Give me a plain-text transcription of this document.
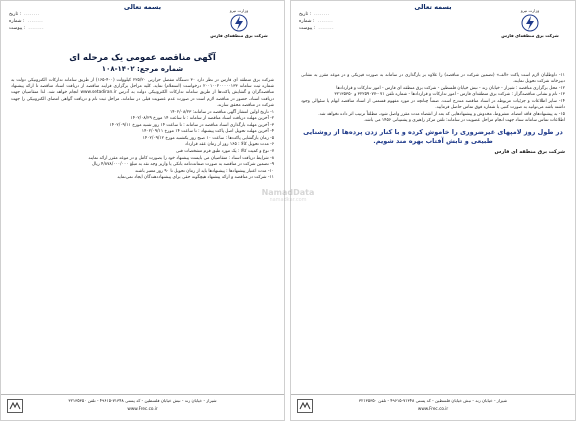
بسمه تعالی
تاریخ : ........
شماره : ........
پیوست : ........
وزارت نیرو
شرکت برق منطقه‌ای فارس
آگهی مناقصه عمومی یک مرحله ای
شماره مرجع: ۱۴۰۲-۱۰۸
شرکت برق منطقه ای فارس در نظر دارد ۳۰ دستگاه مفصل حرارتی ۲۲۵/۲۰ کیلوولت (۴۰۰-۱۶۵) از طریق سامانه تدارکات الکترونیکی دولت به شماره ثبت سامانه ۲۰۰۱۰۰۲۰۰۰۰۰۱۳۳ درخواست (استعلام) نماید. کلیه مراحل برگزاری فرایند مناقصه از دریافت اسناد مناقصه تا ارائه پیشنهاد مناقصه‌گران و گشایش پاکت‌ها از طریق سامانه تدارکات الکترونیکی دولت به آدرس www.setadiran.ir انجام خواهد شد. لذا متقاضیان جهت دریافت اسناد، حضور در مناقصه لازم است در صورت عدم عضویت قبلی در سامانه، مراحل ثبت نام و دریافت گواهی امضای الکترونیکی را جهت شرکت در مناقصه محقق سازند.
۱- تاریخ اولین انتشار آگهی مناقصه در سامانه: ۱۴۰۲/۰۸/۲۳
۲- آخرین مهلت دریافت اسناد مناقصه از سامانه : تا ساعت ۱۴ مورخ ۱۴۰۲/۰۸/۲۹
۳- آخرین مهلت بارگذاری اسناد مناقصه در سامانه : تا ساعت ۱۴ روز شنبه مورخ ۱۴۰۲/۰۹/۱۱
۴- آخرین مهلت تحویل اصل پاکت پیشنهاد : تا ساعت ۱۴ مورخ ۱۴۰۲/۰۹/۱۱
۵- زمان بازگشایی پاکت‌ها : ساعت ۱۰ صبح روز یکشنبه مورخ ۱۴۰۲/۰۹/۱۲
۶- مدت تحویل کالا : ۱۶۵ روز از زمان عقد قرارداد
۷- نوع و کمیت کالا : یک مورد طبق فرم مشخصات فنی
۸- شرایط دریافت اسناد : متقاضیان می بایست پیشنهاد خود را بصورت کامل و در موعد مقرر ارائه نمایند
۹- تضمین شرکت در مناقصه به صورت ضمانت‌نامه بانکی یا واریز وجه نقد به مبلغ ۴/۸۷۸/۰۰۰/۰۰۰ ریال
۱۰- مدت اعتبار پیشنهادها : پیشنهادها باید از زمان تحویل تا ۹۰ روز معتبر باشند
۱۱- شرکت در مناقصه و ارائه پیشنهاد هیچگونه حقی برای پیشنهاددهندگان ایجاد نمی‌نماید
شیراز - خیابان زند - نبش خیابان فلسطین - کد پستی ۷۱۳۴۸-۴۹۶۱۵ - تلفن ۳۲۱۳۵۳۵۰
www.Frec.co.ir
بسمه تعالی
تاریخ : ........
شماره : ........
پیوست : ........
وزارت نیرو
شرکت برق منطقه‌ای فارس
۱۱- داوطلبان لازم است پاکت «الف» (تضمین شرکت در مناقصه) را علاوه بر بارگذاری در سامانه به صورت فیزیکی و در موعد مقرر به نشانی دبیرخانه شرکت تحویل نمایند.
۱۲- محل برگزاری مناقصه : شیراز - خیابان زند - نبش خیابان فلسطین - شرکت برق منطقه ای فارس - امور تدارکات و قراردادها
۱۳- نام و نشانی مناقصه‌گزار : شرکت برق منطقه‌ای فارس - امور تدارکات و قراردادها - شماره تلفن ۰۷۱-۳۲۲۵۹۰۷۷ و ۳۲۱۳۵۳۵۰
۱۴- سایر اطلاعات و جزئیات مربوطه در اسناد مناقصه مندرج است. ضمناً چنانچه در مورد مفهوم قسمتی از اسناد مناقصه ابهام یا سئوالی وجود داشته باشد می‌توانید به صورت کتبی با شماره فوق تماس حاصل فرمایید.
۱۵- به پیشنهادهای فاقد امضاء، مشروط، مخدوش و پیشنهادهایی که بعد از انقضاء مدت مقرر واصل شود، مطلقاً ترتیب اثر داده نخواهد شد.
اطلاعات تماس سامانه ستاد جهت انجام مراحل عضویت در سامانه: تلفن مرکز راهبری و پشتیبانی ۱۴۵۶ می باشد.
در طول روز لامپهای غیرضروری را خاموش کرده و با کنار زدن پرده‌ها از روشنایی طبیعی و تابش آفتاب بهره مند شویم.
شرکت برق منطقه ای فارس
شیراز - خیابان زند - نبش خیابان فلسطین - کد پستی ۷۱۳۴۸-۴۹۶۱۵ - تلفن ۳۲۱۳۵۳۵۰
www.Frec.co.ir
NamadData
namadkar.com
